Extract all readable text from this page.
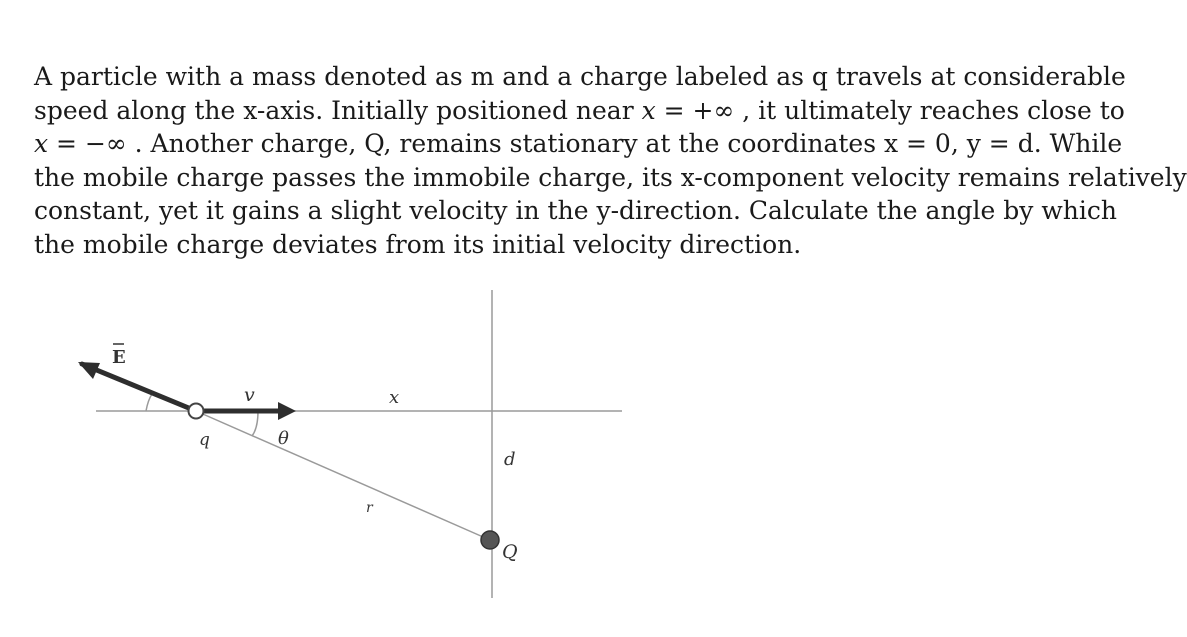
A particle with a mass denoted as m and a charge labeled as q travels at considerable
speed along the x-axis. Initially positioned near x = +∞ , it ultimately reaches close to
x = −∞ . Another charge, Q, remains stationary at the coordinates x = 0, y = d. While
the mobile charge passes the immobile charge, its x-component velocity remains relatively
constant, yet it gains a slight velocity in the y-direction. Calculate the angle by which
the mobile charge deviates from its initial velocity direction.
E
v	x
θ
q
d
r
Q
